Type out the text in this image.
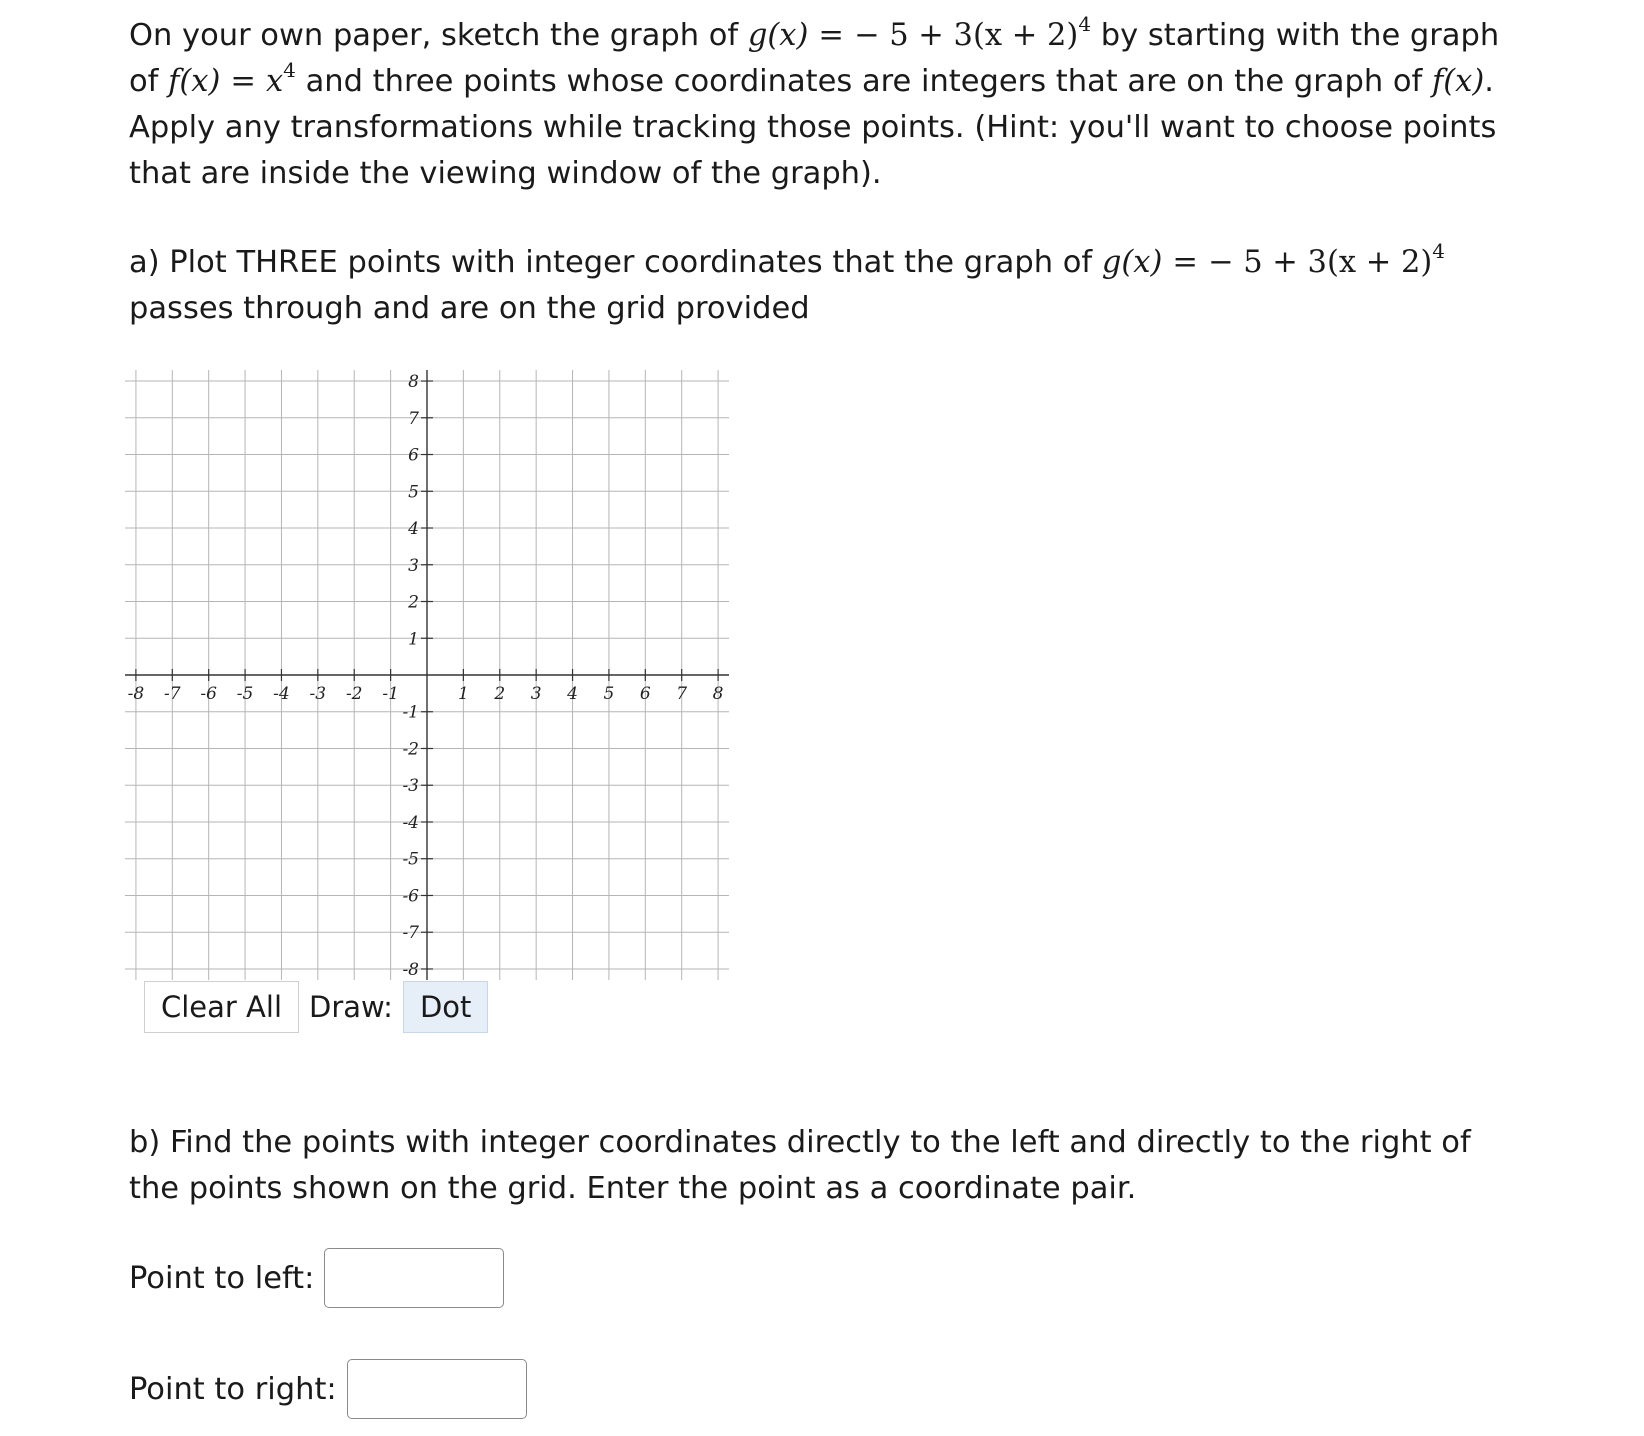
On your own paper, sketch the graph of g(x) = − $5 + 3(x + 2)^4$ by starting with the graph of $f(x) = x^4$ and three points whose coordinates are integers that are on the graph of f(x). Apply any transformations while tracking those points. (Hint: you'll want to choose points that are inside the viewing window of the graph).
a) Plot THREE points with integer coordinates that the graph of g(x) = − $5 + 3(x + 2)^4$ passes through and are on the grid provided
-8 -7 -6 -5 -4 -3 -2 -1	1 2 3 4 5 6 7 8
8
7
6
5
4
3
2
1
-1
-2
-3
-4
-5
-6
-7
-8
Clear All Draw: Dot
b) Find the points with integer coordinates directly to the left and directly to the right of the points shown on the grid. Enter the point as a coordinate pair.
Point to left:
Point to right:
